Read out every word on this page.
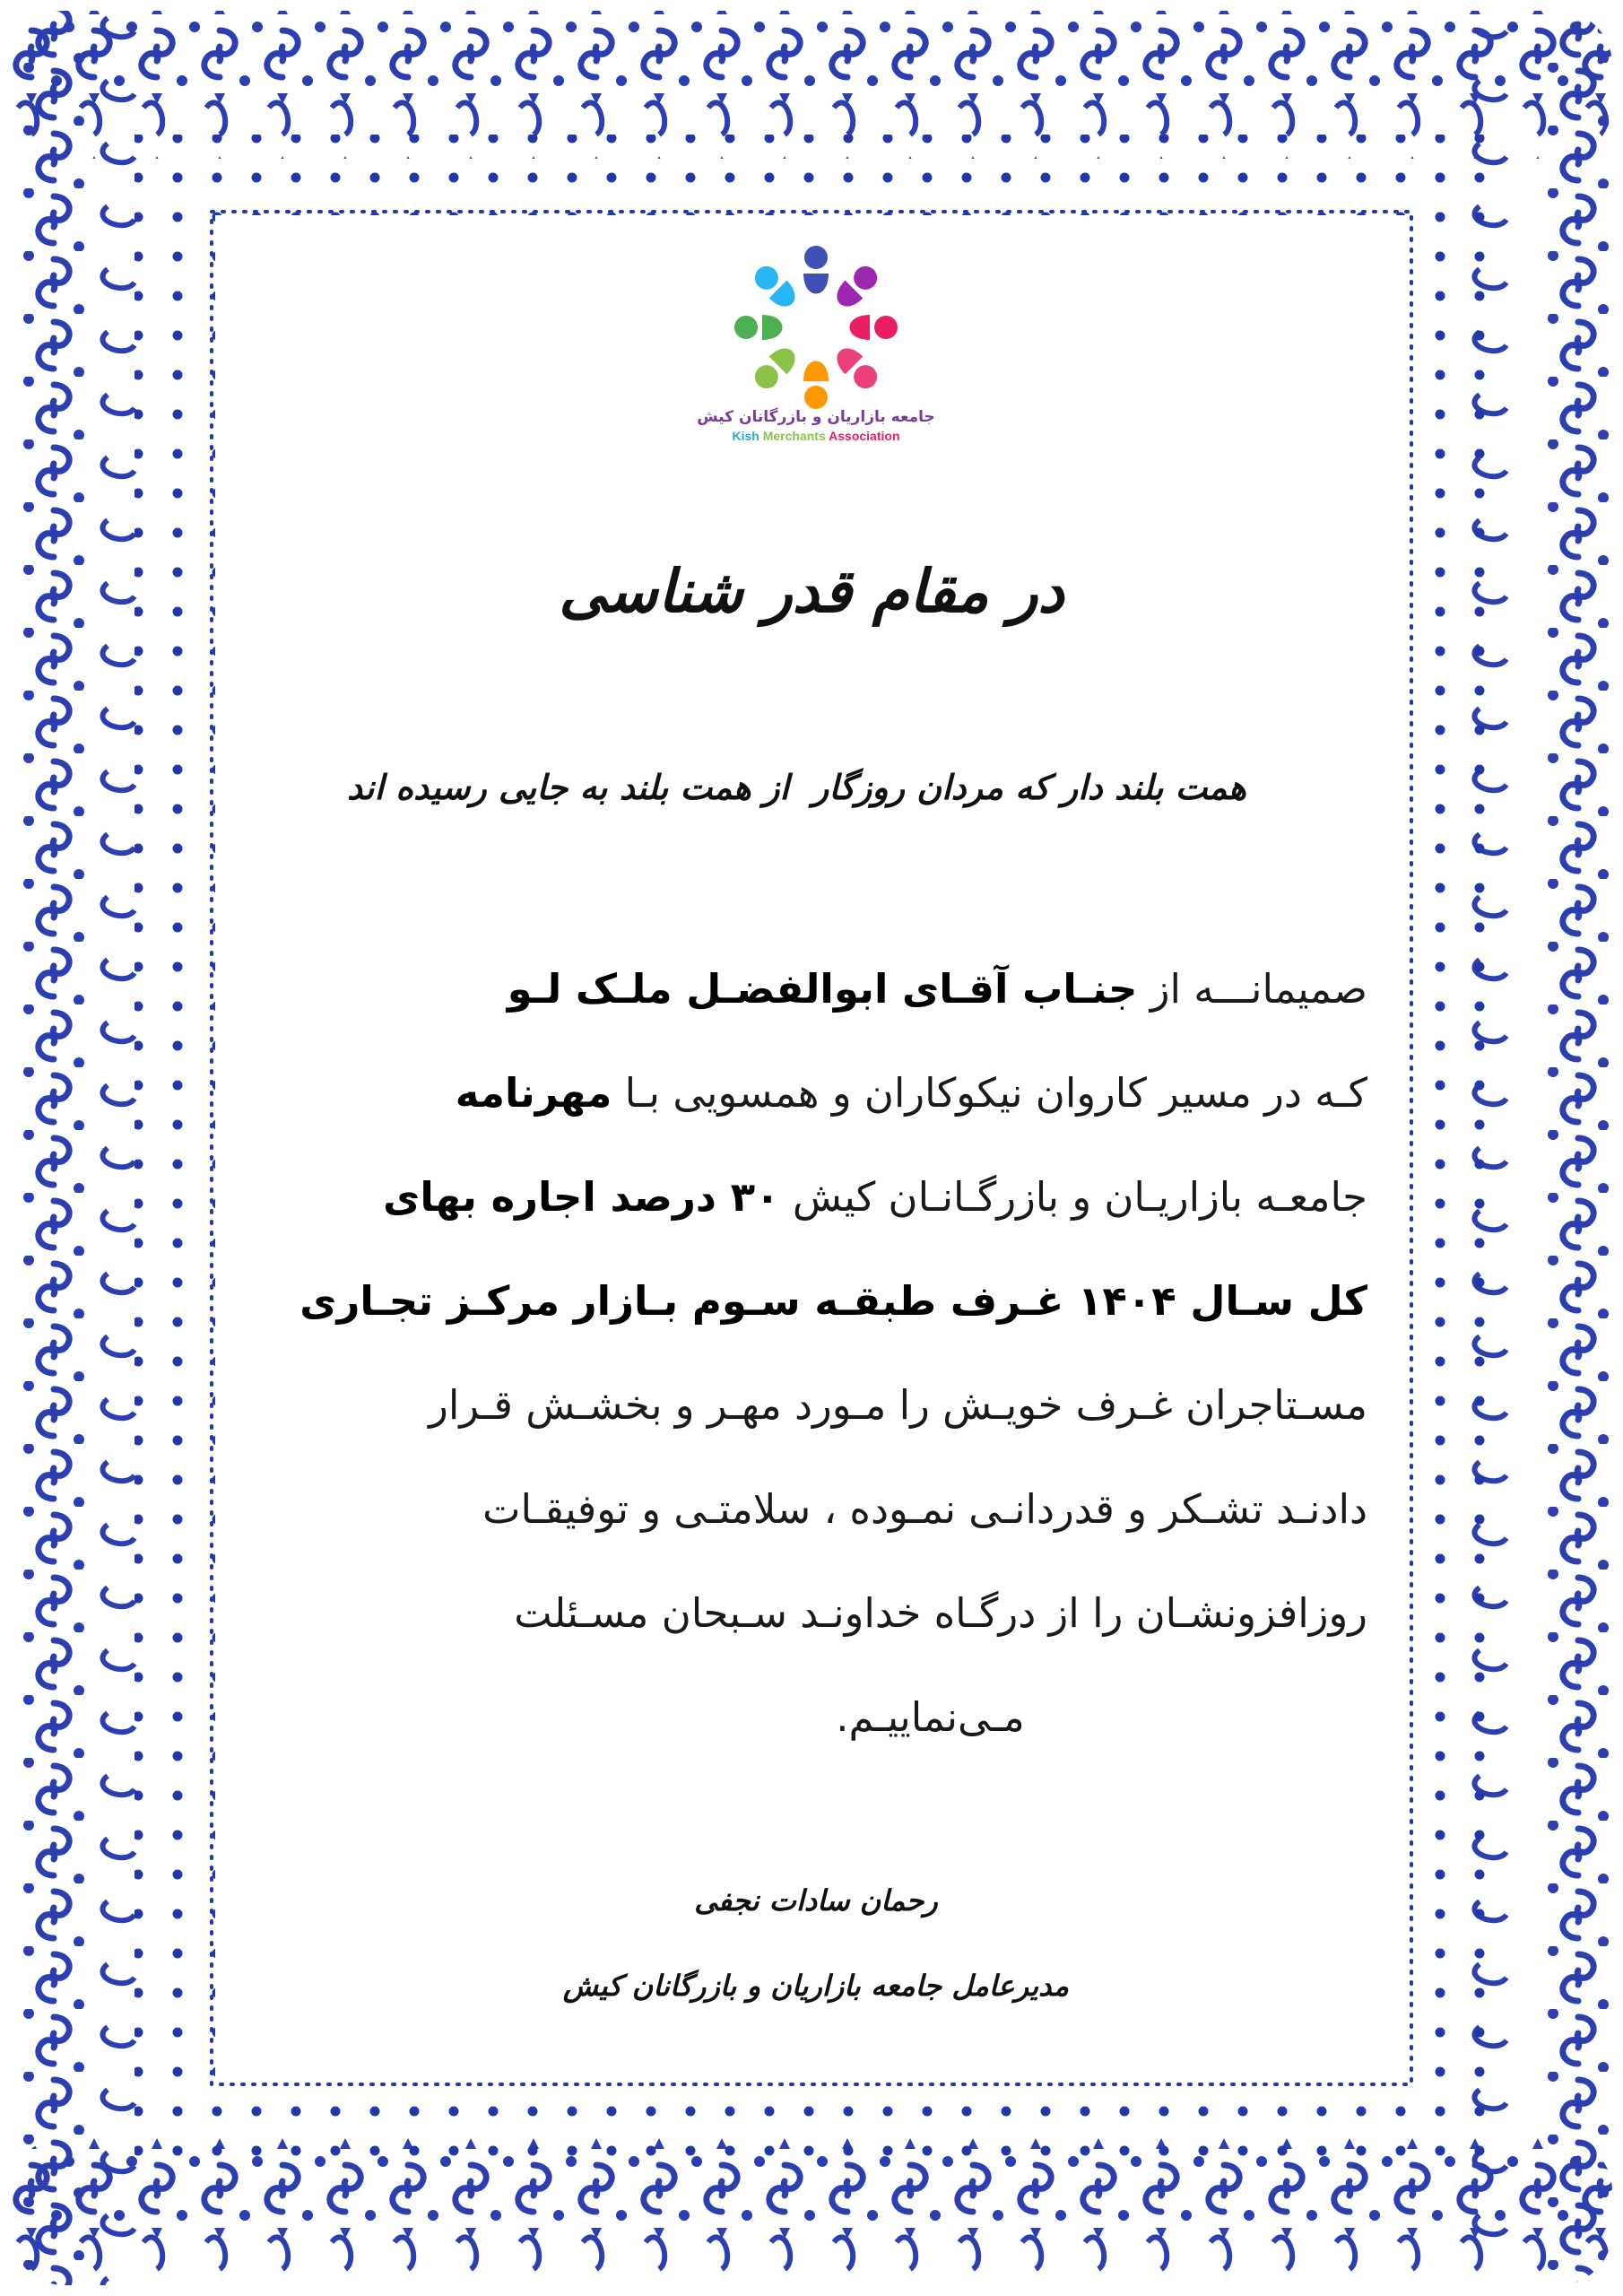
جامعه بازاریان و بازرگانان کیش
Kish Merchants Association
در مقام قدر شناسی
همت بلند دار که مردان روزگار
از همت بلند به جایی رسیده اند
صمیمانـــه از جنـاب آقـای ابوالفضـل ملـک لـو
کـه در مسیر کاروان نیکوکاران و همسویی بـا مهرنامه
جامعـه بازاریـان و بازرگـانـان کیش ۳۰ درصد اجاره بهای
کل سـال ۱۴۰۴ غـرف طبقـه سـوم بـازار مرکـز تجـاری
مسـتاجران غـرف خویـش را مـورد مهـر و بخشـش قـرار
دادنـد تشـکر و قدردانـی نمـوده ، سلامتـی و توفیقـات
روزافزونشـان را از درگـاه خداونـد سـبحان مسـئلت
مـی‌نماییـم.
رحمان سادات نجفی
مدیرعامل جامعه بازاریان و بازرگانان کیش
